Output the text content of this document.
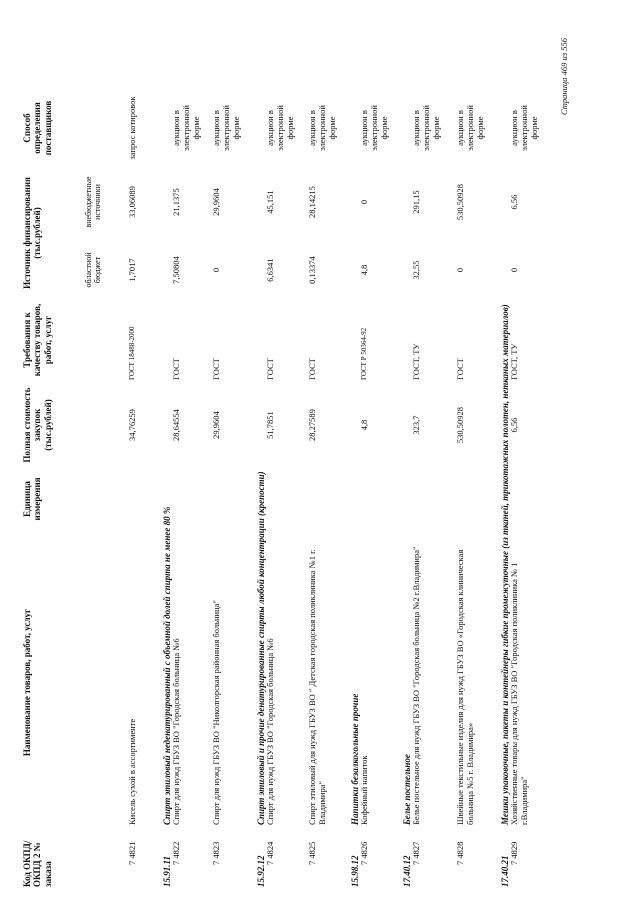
Код ОКПД/ ОКПД 2 № заказа
Наименование товаров, работ, услуг
Единица измерения
Полная стоимость закупок (тыс.рублей)
Требования к качеству товаров, работ, услуг
Источник финансирования (тыс.рублей)
областной бюджет
внебюджетные источники
Способ определения поставщиков
7 4821
Кисель сухой в ассортименте
34,76259
ГОСТ 18488-2000
1,7017
33,06089
запрос котировок
15.91.11
Спирт этиловый неденатурированный с объемной долей спирта не менее 80 %
7 4822
Спирт для нужд ГБУЗ ВО "Городская больница №6
28,64554
ГОСТ
7,50804
21,1375
аукцион в электронной форме
7 4823
Спирт для нужд ГБУЗ ВО "Николгорская районная больница"
29,9604
ГОСТ
0
29,9604
аукцион в электронной форме
15.92.12
Спирт этиловый и прочие денатурированные спирты любой концентрации (крепости)
7 4824
Спирт для нужд ГБУЗ ВО "Городская больница №6
51,7851
ГОСТ
6,6341
45,151
аукцион в электронной форме
7 4825
Спирт этиловый для нужд ГБУЗ ВО " Детская городская поликлиника №1 г. Владимира"
28,27589
ГОСТ
0,13374
28,14215
аукцион в электронной форме
15.98.12
Напитки безалкогольные прочие
7 4826
Кофейный напиток
4,8
ГОСТ Р 50364-92
4,8
0
аукцион в электронной форме
17.40.12
Белье постельное
7 4827
Белье постельное для нужд ГБУЗ ВО "Городская больница №2 г.Владимира"
323,7
ГОСТ, ТУ
32,55
291,15
аукцион в электронной форме
7 4828
Швейные текстильные изделия для нужд ГБУЗ ВО «Городская клиническая больница №5 г. Владимира»
530,50928
ГОСТ
0
530,50928
аукцион в электронной форме
17.40.21
Мешки упаковочные, пакеты и контейнеры гибкие промежуточные (из тканей, трикотажных полотен, нетканых материалов)
7 4829
Хозяйственные товары для нужд ГБУЗ ВО "Городская поликлиника № 1 г.Владимира"
6,56
ГОСТ, ТУ
0
6,56
аукцион в электронной форме
Страница 469 из 556
